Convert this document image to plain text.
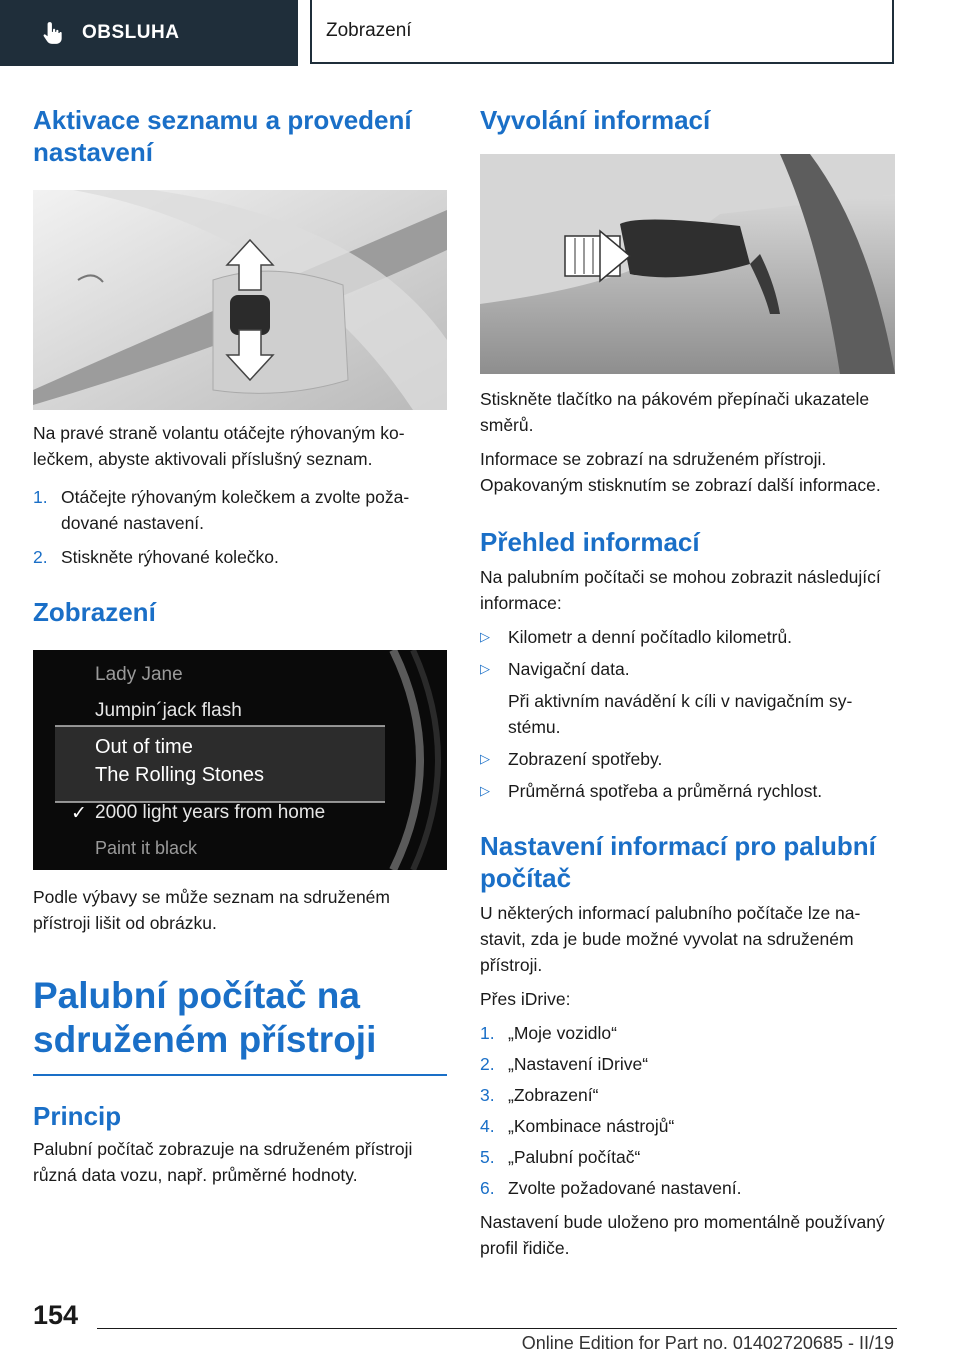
OBSLUHA	Zobrazení
Aktivace seznamu a provedení nastavení

Na pravé straně volantu otáčejte rýhovaným kolečkem, abyste aktivovali příslušný seznam.

1. Otáčejte rýhovaným kolečkem a zvolte požadované nastavení.
2. Stiskněte rýhované kolečko.
Zobrazení
Lady Jane
Jumpin´jack flash
Out of time
The Rolling Stones
✓ 2000 light years from home
Paint it black

Podle výbavy se může seznam na sdruženém přístroji lišit od obrázku.

Palubní počítač na sdruženém přístroji
Princip

Palubní počítač zobrazuje na sdruženém přístroji různá data vozu, např. průměrné hodnoty.

Vyvolání informací

Stiskněte tlačítko na pákovém přepínači ukazatele směrů.

Informace se zobrazí na sdruženém přístroji. Opakovaným stisknutím se zobrazí další informace.

Přehled informací

Na palubním počítači se mohou zobrazit následující informace:

▷	Kilometr a denní počítadlo kilometrů.
▷	Navigační data.

Při aktivním navádění k cíli v navigačním systému.

▷	Zobrazení spotřeby.
▷	Průměrná spotřeba a průměrná rychlost.
Nastavení informací pro palubní počítač

U některých informací palubního počítače lze nastavit, zda je bude možné vyvolat na sdruženém přístroji.

Přes iDrive:

1. „Moje vozidlo“
2. „Nastavení iDrive“
3. „Zobrazení“
4. „Kombinace nástrojů“
5. „Palubní počítač“
6. Zvolte požadované nastavení.

Nastavení bude uloženo pro momentálně používaný profil řidiče.

154
Online Edition for Part no. 01402720685 - II/19
